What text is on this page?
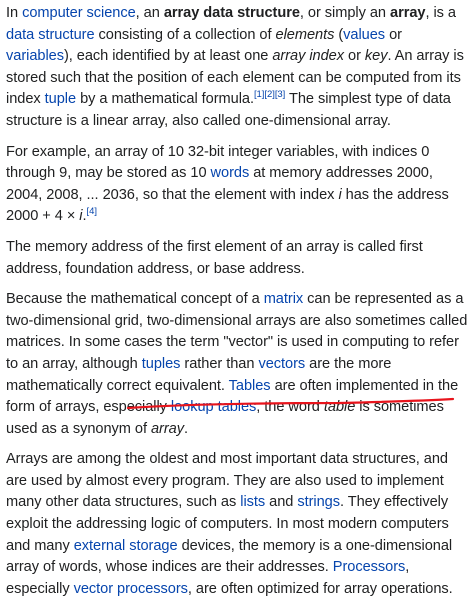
In computer science, an array data structure, or simply an array, is a data structure consisting of a collection of elements (values or variables), each identified by at least one array index or key. An array is stored such that the position of each element can be computed from its index tuple by a mathematical formula.[1][2][3] The simplest type of data structure is a linear array, also called one-dimensional array.

For example, an array of 10 32-bit integer variables, with indices 0 through 9, may be stored as 10 words at memory addresses 2000, 2004, 2008, ... 2036, so that the element with index i has the address 2000 + 4 × i.[4]

The memory address of the first element of an array is called first address, foundation address, or base address.

Because the mathematical concept of a matrix can be represented as a two-dimensional grid, two-dimensional arrays are also sometimes called matrices. In some cases the term "vector" is used in computing to refer to an array, although tuples rather than vectors are the more mathematically correct equivalent. Tables are often implemented in the form of arrays, especially lookup tables; the word table is sometimes used as a synonym of array.

Arrays are among the oldest and most important data structures, and are used by almost every program. They are also used to implement many other data structures, such as lists and strings. They effectively exploit the addressing logic of computers. In most modern computers and many external storage devices, the memory is a one-dimensional array of words, whose indices are their addresses. Processors, especially vector processors, are often optimized for array operations.
